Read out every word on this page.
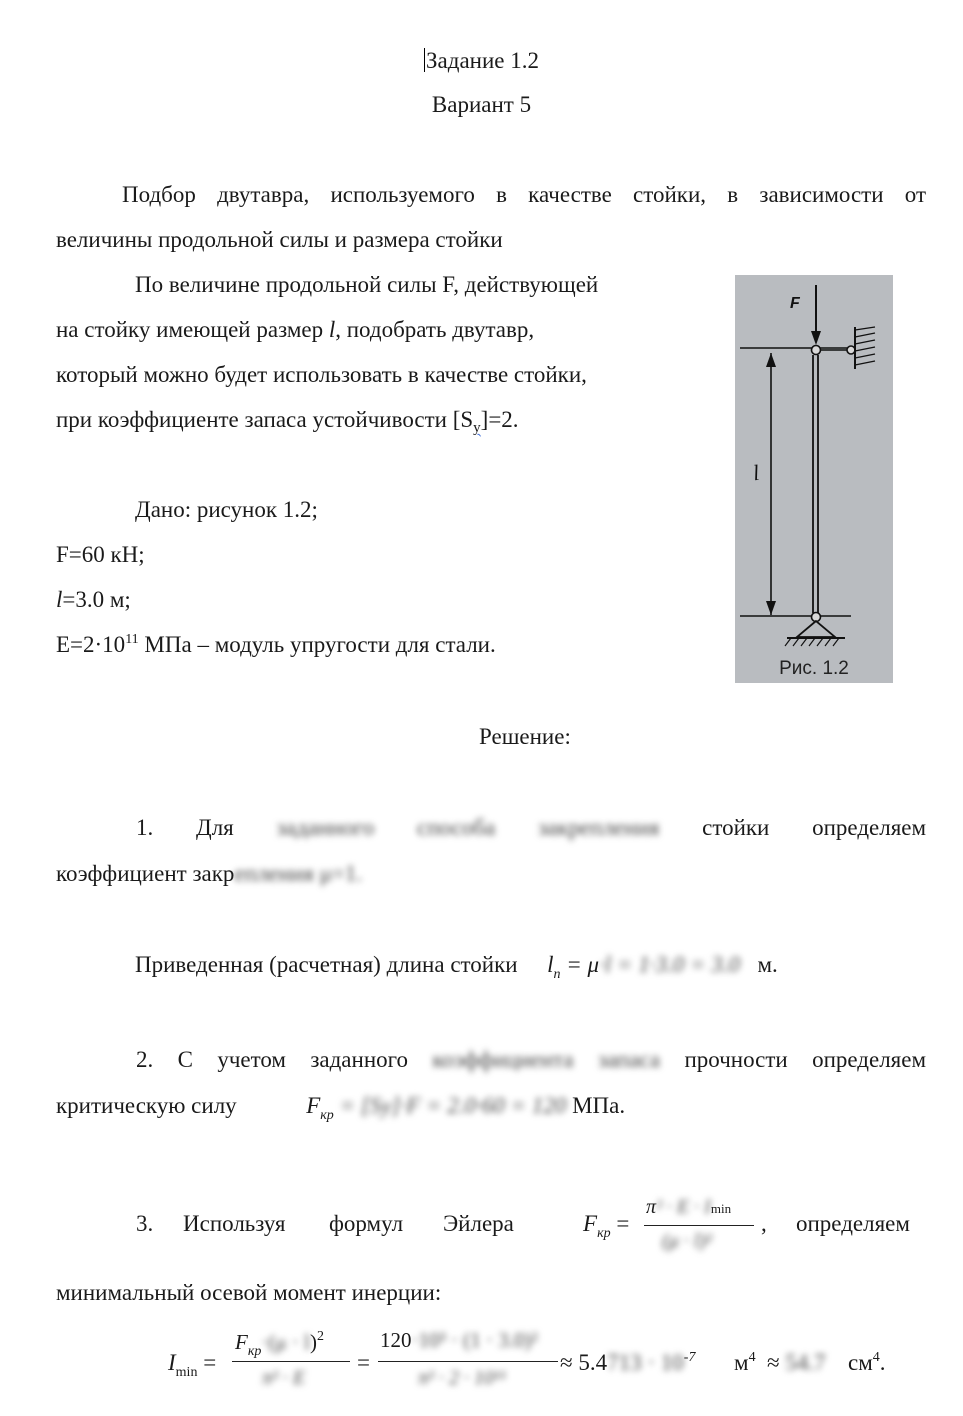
Задание 1.2
Вариант 5
Подбор двутавра, используемого в качестве стойки, в зависимости от
величины продольной силы и размера стойки
По величине продольной силы F, действующей
на стойку имеющей размер l, подобрать двутавр,
который можно будет использовать в качестве стойки,
при коэффициенте запаса устойчивости $[S_y]=2$.
Дано: рисунок 1.2;
F=60 кН;
l=3.0 м;
$E=2\cdot 10^{11}$ МПа – модуль упругости для стали.
F
l
Рис. 1.2
Решение:
1. Для заданного способа закрепления стойки определяем
коэффициент закрепления μ=1.
Приведенная (расчетная) длина стойки $l_п = \mu\cdot l = 1\cdot 3.0 = 3.0$ м.
2. С учетом заданного коэффициента запаса прочности определяем
критическую силу	$F_{кр} = [Sy]\cdot F = 2.0\cdot 60 = 120$ МПа.
3. Используя формул Эйлера	$F_{кр}$ =
π² · E · Imin
(μ · l)²
, определяем
минимальный осевой момент инерции:
$I_{min}$ =
$F_{кр}\cdot(\mu \cdot l)^2$
π² · E
=
120·10³ · (1 · 3.0)²
π² · 2 · 10¹¹
≈ $5.4713 \cdot 10^{-7}$ $м^4 \approx 54.7$ $см^4$.
